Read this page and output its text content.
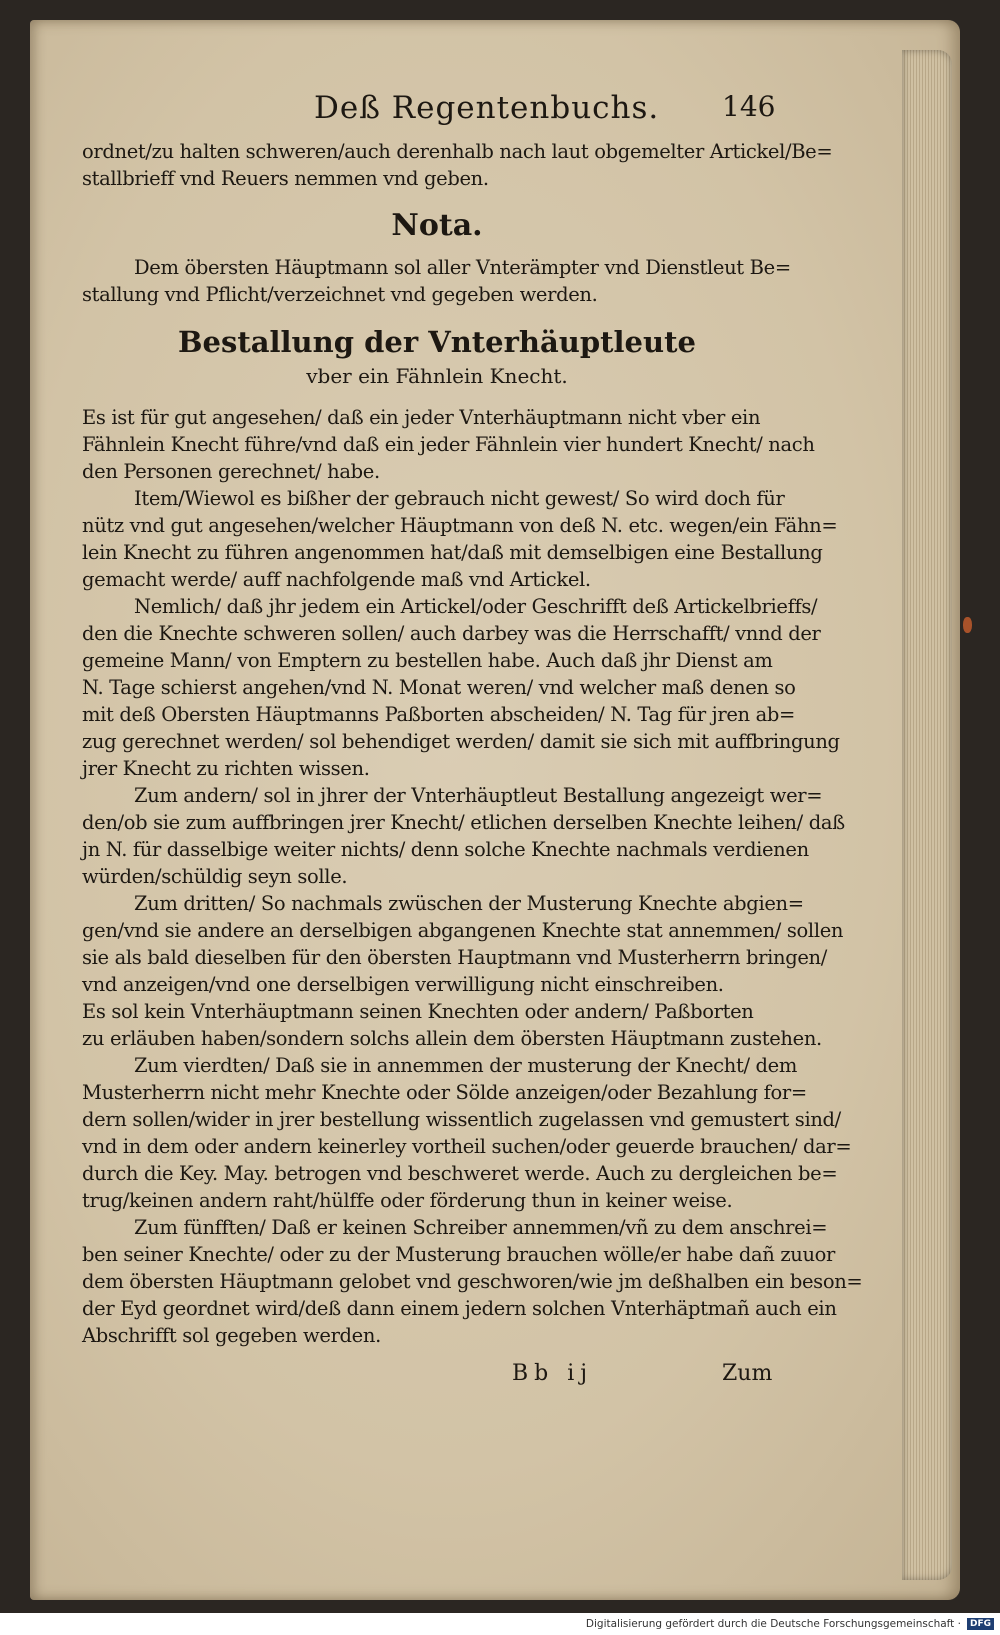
Deß Regentenbuchs. 146

ordnet/zu halten schweren/auch derenhalb nach laut obgemelter Artickel/Be=

stallbrieff vnd Reuers nemmen vnd geben.

Nota.

Dem öbersten Häuptmann sol aller Vnterämpter vnd Dienstleut Be=

stallung vnd Pflicht/verzeichnet vnd gegeben werden.

Bestallung der Vnterhäuptleute

vber ein Fähnlein Knecht.

Es ist für gut angesehen/ daß ein jeder Vnterhäuptmann nicht vber ein

Fähnlein Knecht führe/vnd daß ein jeder Fähnlein vier hundert Knecht/ nach

den Personen gerechnet/ habe.

Item/Wiewol es bißher der gebrauch nicht gewest/ So wird doch für

nütz vnd gut angesehen/welcher Häuptmann von deß N. etc. wegen/ein Fähn=

lein Knecht zu führen angenommen hat/daß mit demselbigen eine Bestallung

gemacht werde/ auff nachfolgende maß vnd Artickel.

Nemlich/ daß jhr jedem ein Artickel/oder Geschrifft deß Artickelbrieffs/

den die Knechte schweren sollen/ auch darbey was die Herrschafft/ vnnd der

gemeine Mann/ von Emptern zu bestellen habe. Auch daß jhr Dienst am

N. Tage schierst angehen/vnd N. Monat weren/ vnd welcher maß denen so

mit deß Obersten Häuptmanns Paßborten abscheiden/ N. Tag für jren ab=

zug gerechnet werden/ sol behendiget werden/ damit sie sich mit auffbringung

jrer Knecht zu richten wissen.

Zum andern/ sol in jhrer der Vnterhäuptleut Bestallung angezeigt wer=

den/ob sie zum auffbringen jrer Knecht/ etlichen derselben Knechte leihen/ daß

jn N. für dasselbige weiter nichts/ denn solche Knechte nachmals verdienen

würden/schüldig seyn solle.

Zum dritten/ So nachmals zwüschen der Musterung Knechte abgien=

gen/vnd sie andere an derselbigen abgangenen Knechte stat annemmen/ sollen

sie als bald dieselben für den öbersten Hauptmann vnd Musterherrn bringen/

vnd anzeigen/vnd one derselbigen verwilligung nicht einschreiben.

Es sol kein Vnterhäuptmann seinen Knechten oder andern/ Paßborten

zu erläuben haben/sondern solchs allein dem öbersten Häuptmann zustehen.

Zum vierdten/ Daß sie in annemmen der musterung der Knecht/ dem

Musterherrn nicht mehr Knechte oder Sölde anzeigen/oder Bezahlung for=

dern sollen/wider in jrer bestellung wissentlich zugelassen vnd gemustert sind/

vnd in dem oder andern keinerley vortheil suchen/oder geuerde brauchen/ dar=

durch die Key. May. betrogen vnd beschweret werde. Auch zu dergleichen be=

trug/keinen andern raht/hülffe oder förderung thun in keiner weise.

Zum fünfften/ Daß er keinen Schreiber annemmen/vñ zu dem anschrei=

ben seiner Knechte/ oder zu der Musterung brauchen wölle/er habe dañ zuuor

dem öbersten Häuptmann gelobet vnd geschworen/wie jm deßhalben ein beson=

der Eyd geordnet wird/deß dann einem jedern solchen Vnterhäptmañ auch ein

Abschrifft sol gegeben werden.

Bb ij	Zum
Digitalisierung gefördert durch die Deutsche Forschungsgemeinschaft ·	DFG
